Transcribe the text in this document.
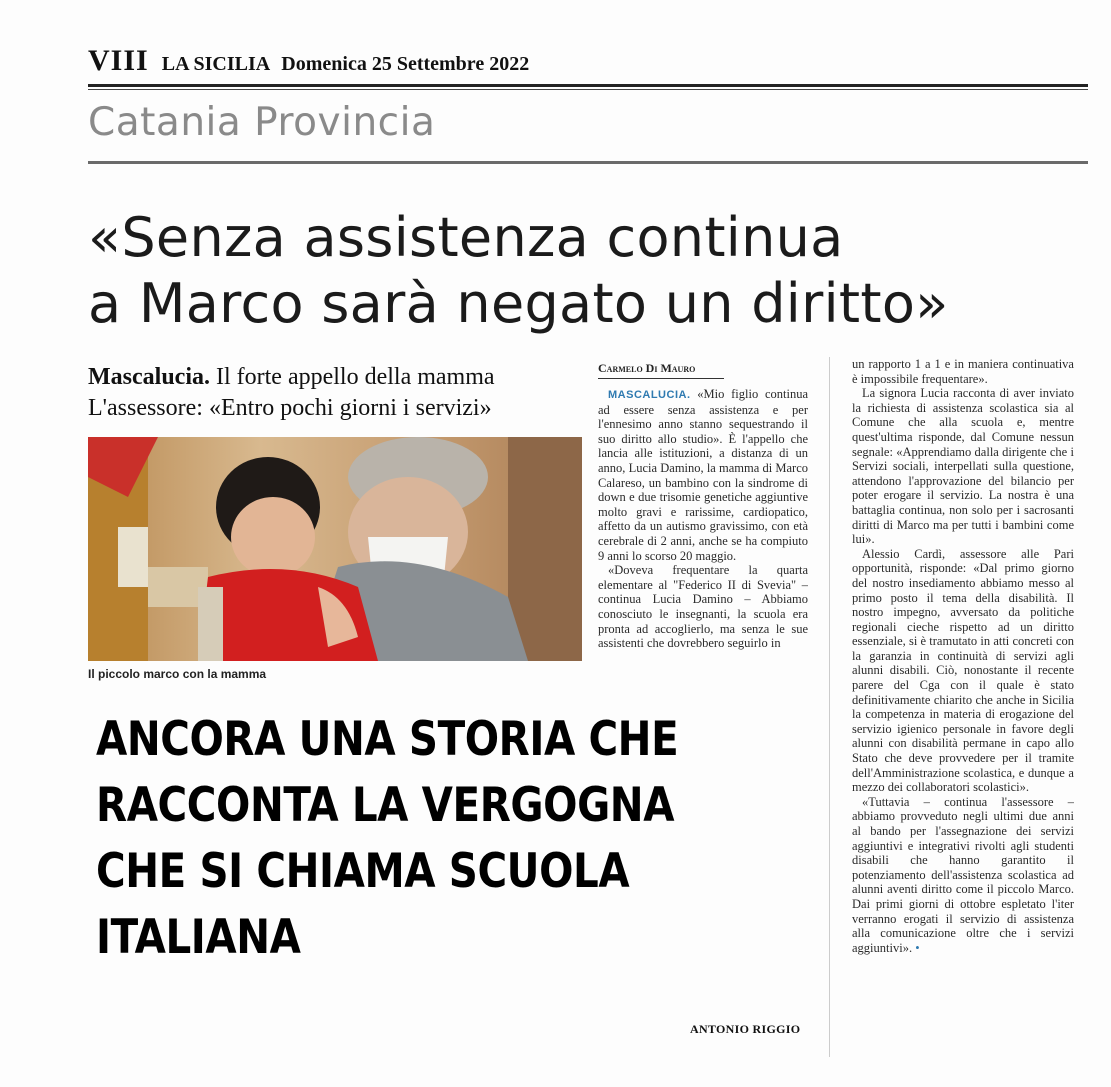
VIII LA SICILIA Domenica 25 Settembre 2022
Catania Provincia
«Senza assistenza continua
a Marco sarà negato un diritto»
Mascalucia. Il forte appello della mamma
L'assessore: «Entro pochi giorni i servizi»
Il piccolo marco con la mamma
Carmelo Di Mauro

MASCALUCIA. «Mio figlio continua ad essere senza assistenza e per l'ennesimo anno stanno sequestrando il suo diritto allo studio». È l'appello che lancia alle istituzioni, a distanza di un anno, Lucia Damino, la mamma di Marco Calareso, un bambino con la sindrome di down e due trisomie genetiche aggiuntive molto gravi e rarissime, cardiopatico, affetto da un autismo gravissimo, con età cerebrale di 2 anni, anche se ha compiuto 9 anni lo scorso 20 maggio.

«Doveva frequentare la quarta elementare al "Federico II di Svevia" – continua Lucia Damino – Abbiamo conosciuto le insegnanti, la scuola era pronta ad accoglierlo, ma senza le sue assistenti che dovrebbero seguirlo in

un rapporto 1 a 1 e in maniera continuativa è impossibile frequentare».

La signora Lucia racconta di aver inviato la richiesta di assistenza scolastica sia al Comune che alla scuola e, mentre quest'ultima risponde, dal Comune nessun segnale: «Apprendiamo dalla dirigente che i Servizi sociali, interpellati sulla questione, attendono l'approvazione del bilancio per poter erogare il servizio. La nostra è una battaglia continua, non solo per i sacrosanti diritti di Marco ma per tutti i bambini come lui».

Alessio Cardì, assessore alle Pari opportunità, risponde: «Dal primo giorno del nostro insediamento abbiamo messo al primo posto il tema della disabilità. Il nostro impegno, avversato da politiche regionali cieche rispetto ad un diritto essenziale, si è tramutato in atti concreti con la garanzia in continuità di servizi agli alunni disabili. Ciò, nonostante il recente parere del Cga con il quale è stato definitivamente chiarito che anche in Sicilia la competenza in materia di erogazione del servizio igienico personale in favore degli alunni con disabilità permane in capo allo Stato che deve provvedere per il tramite dell'Amministrazione scolastica, e dunque a mezzo dei collaboratori scolastici».

«Tuttavia – continua l'assessore – abbiamo provveduto negli ultimi due anni al bando per l'assegnazione dei servizi aggiuntivi e integrativi rivolti agli studenti disabili che hanno garantito il potenziamento dell'assistenza scolastica ad alunni aventi diritto come il piccolo Marco. Dai primi giorni di ottobre espletato l'iter verranno erogati il servizio di assistenza alla comunicazione oltre che i servizi aggiuntivi». •

ANCORA UNA STORIA CHE
RACCONTA LA VERGOGNA
CHE SI CHIAMA SCUOLA
ITALIANA
ANTONIO RIGGIO
